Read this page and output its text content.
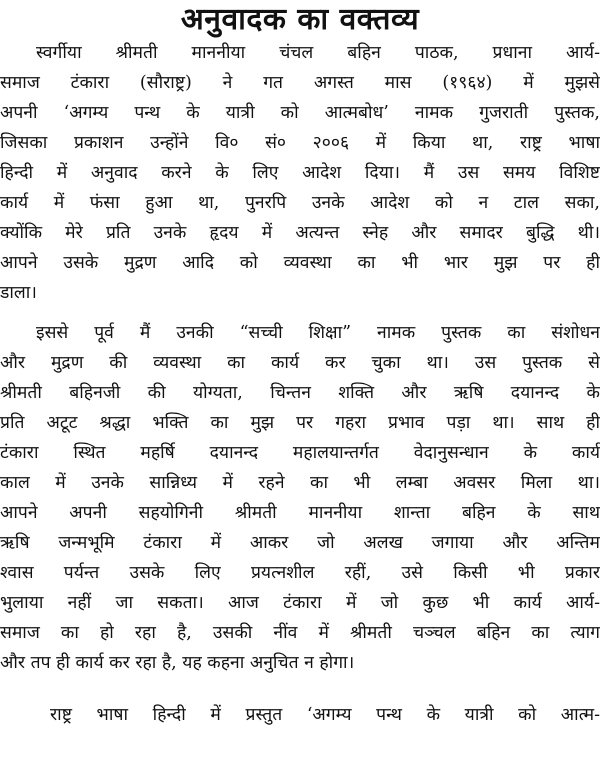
अनुवादक का वक्तव्य
स्वर्गीया श्रीमती माननीया चंचल बहिन पाठक, प्रधाना आर्य-
समाज टंकारा (सौराष्ट्र) ने गत अगस्त मास (१९६४) में मुझसे
अपनी ‘अगम्य पन्थ के यात्री को आत्मबोध’ नामक गुजराती पुस्तक,
जिसका प्रकाशन उन्होंने वि० सं० २००६ में किया था, राष्ट्र भाषा
हिन्दी में अनुवाद करने के लिए आदेश दिया। मैं उस समय विशिष्ट
कार्य में फंसा हुआ था, पुनरपि उनके आदेश को न टाल सका,
क्योंकि मेरे प्रति उनके हृदय में अत्यन्त स्नेह और समादर बुद्धि थी।
आपने उसके मुद्रण आदि को व्यवस्था का भी भार मुझ पर ही
डाला।
इससे पूर्व मैं उनकी “सच्ची शिक्षा” नामक पुस्तक का संशोधन
और मुद्रण की व्यवस्था का कार्य कर चुका था। उस पुस्तक से
श्रीमती बहिनजी की योग्यता, चिन्तन शक्ति और ऋषि दयानन्द के
प्रति अटूट श्रद्धा भक्ति का मुझ पर गहरा प्रभाव पड़ा था। साथ ही
टंकारा स्थित महर्षि दयानन्द महालयान्तर्गत वेदानुसन्धान के कार्य
काल में उनके सान्निध्य में रहने का भी लम्बा अवसर मिला था।
आपने अपनी सहयोगिनी श्रीमती माननीया शान्ता बहिन के साथ
ऋषि जन्मभूमि टंकारा में आकर जो अलख जगाया और अन्तिम
श्वास पर्यन्त उसके लिए प्रयत्नशील रहीं, उसे किसी भी प्रकार
भुलाया नहीं जा सकता। आज टंकारा में जो कुछ भी कार्य आर्य-
समाज का हो रहा है, उसकी नींव में श्रीमती चञ्चल बहिन का त्याग
और तप ही कार्य कर रहा है, यह कहना अनुचित न होगा।
राष्ट्र भाषा हिन्दी में प्रस्तुत ‘अगम्य पन्थ के यात्री को आत्म-
